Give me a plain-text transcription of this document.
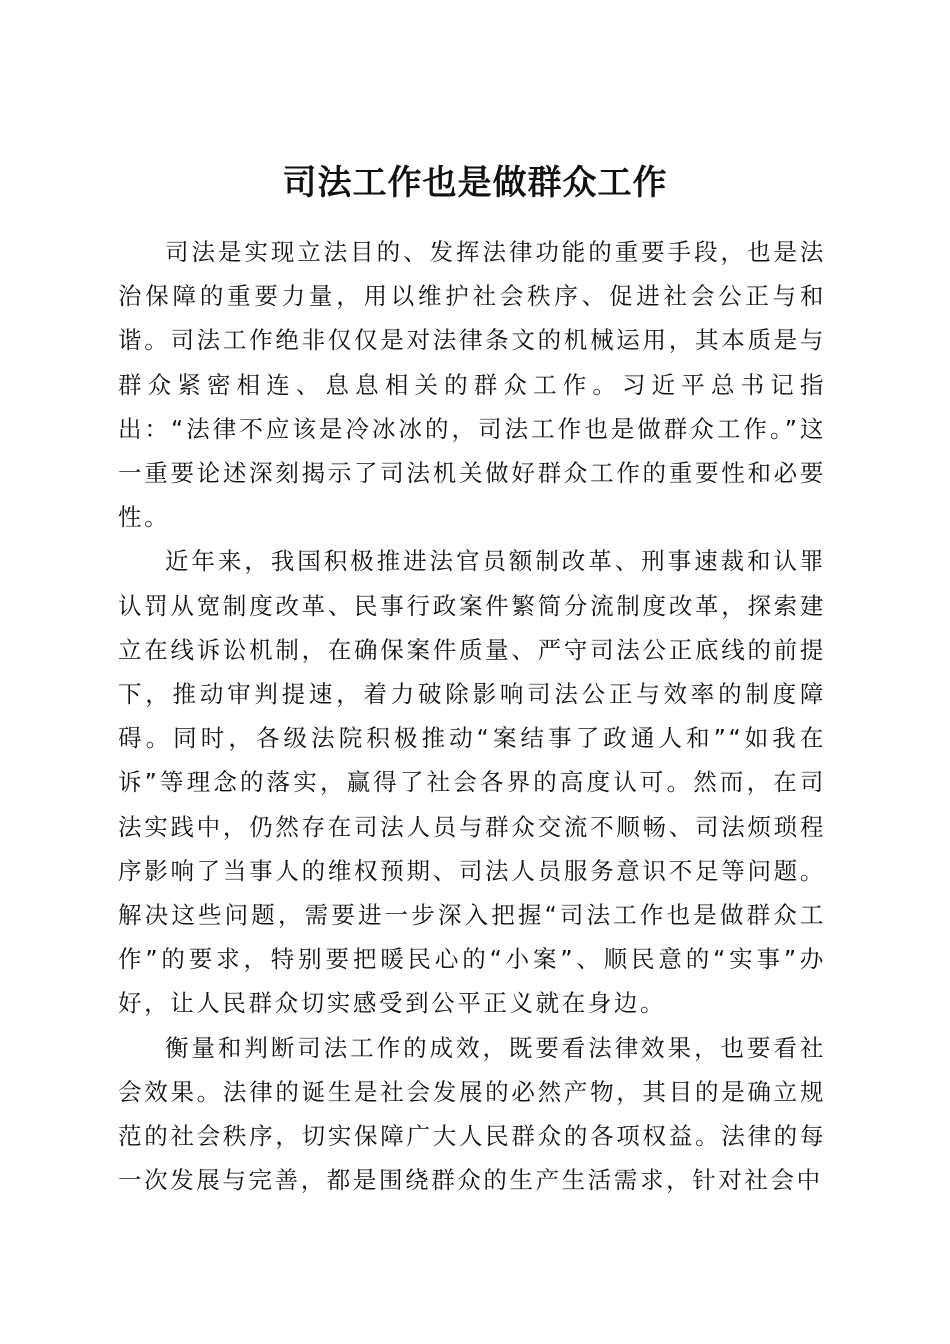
司法工作也是做群众工作

司法是实现立法目的、发挥法律功能的重要手段，也是法治保障的重要力量，用以维护社会秩序、促进社会公正与和谐。司法工作绝非仅仅是对法律条文的机械运用，其本质是与群众紧密相连、息息相关的群众工作。习近平总书记指出：“法律不应该是冷冰冰的，司法工作也是做群众工作。”这一重要论述深刻揭示了司法机关做好群众工作的重要性和必要性。

近年来，我国积极推进法官员额制改革、刑事速裁和认罪认罚从宽制度改革、民事行政案件繁简分流制度改革，探索建立在线诉讼机制，在确保案件质量、严守司法公正底线的前提下，推动审判提速，着力破除影响司法公正与效率的制度障碍。同时，各级法院积极推动“案结事了政通人和”“如我在诉”等理念的落实，赢得了社会各界的高度认可。然而，在司法实践中，仍然存在司法人员与群众交流不顺畅、司法烦琐程序影响了当事人的维权预期、司法人员服务意识不足等问题。解决这些问题，需要进一步深入把握“司法工作也是做群众工作”的要求，特别要把暖民心的“小案”、顺民意的“实事”办好，让人民群众切实感受到公平正义就在身边。

衡量和判断司法工作的成效，既要看法律效果，也要看社会效果。法律的诞生是社会发展的必然产物，其目的是确立规范的社会秩序，切实保障广大人民群众的各项权益。法律的每一次发展与完善，都是围绕群众的生产生活需求，针对社会中
